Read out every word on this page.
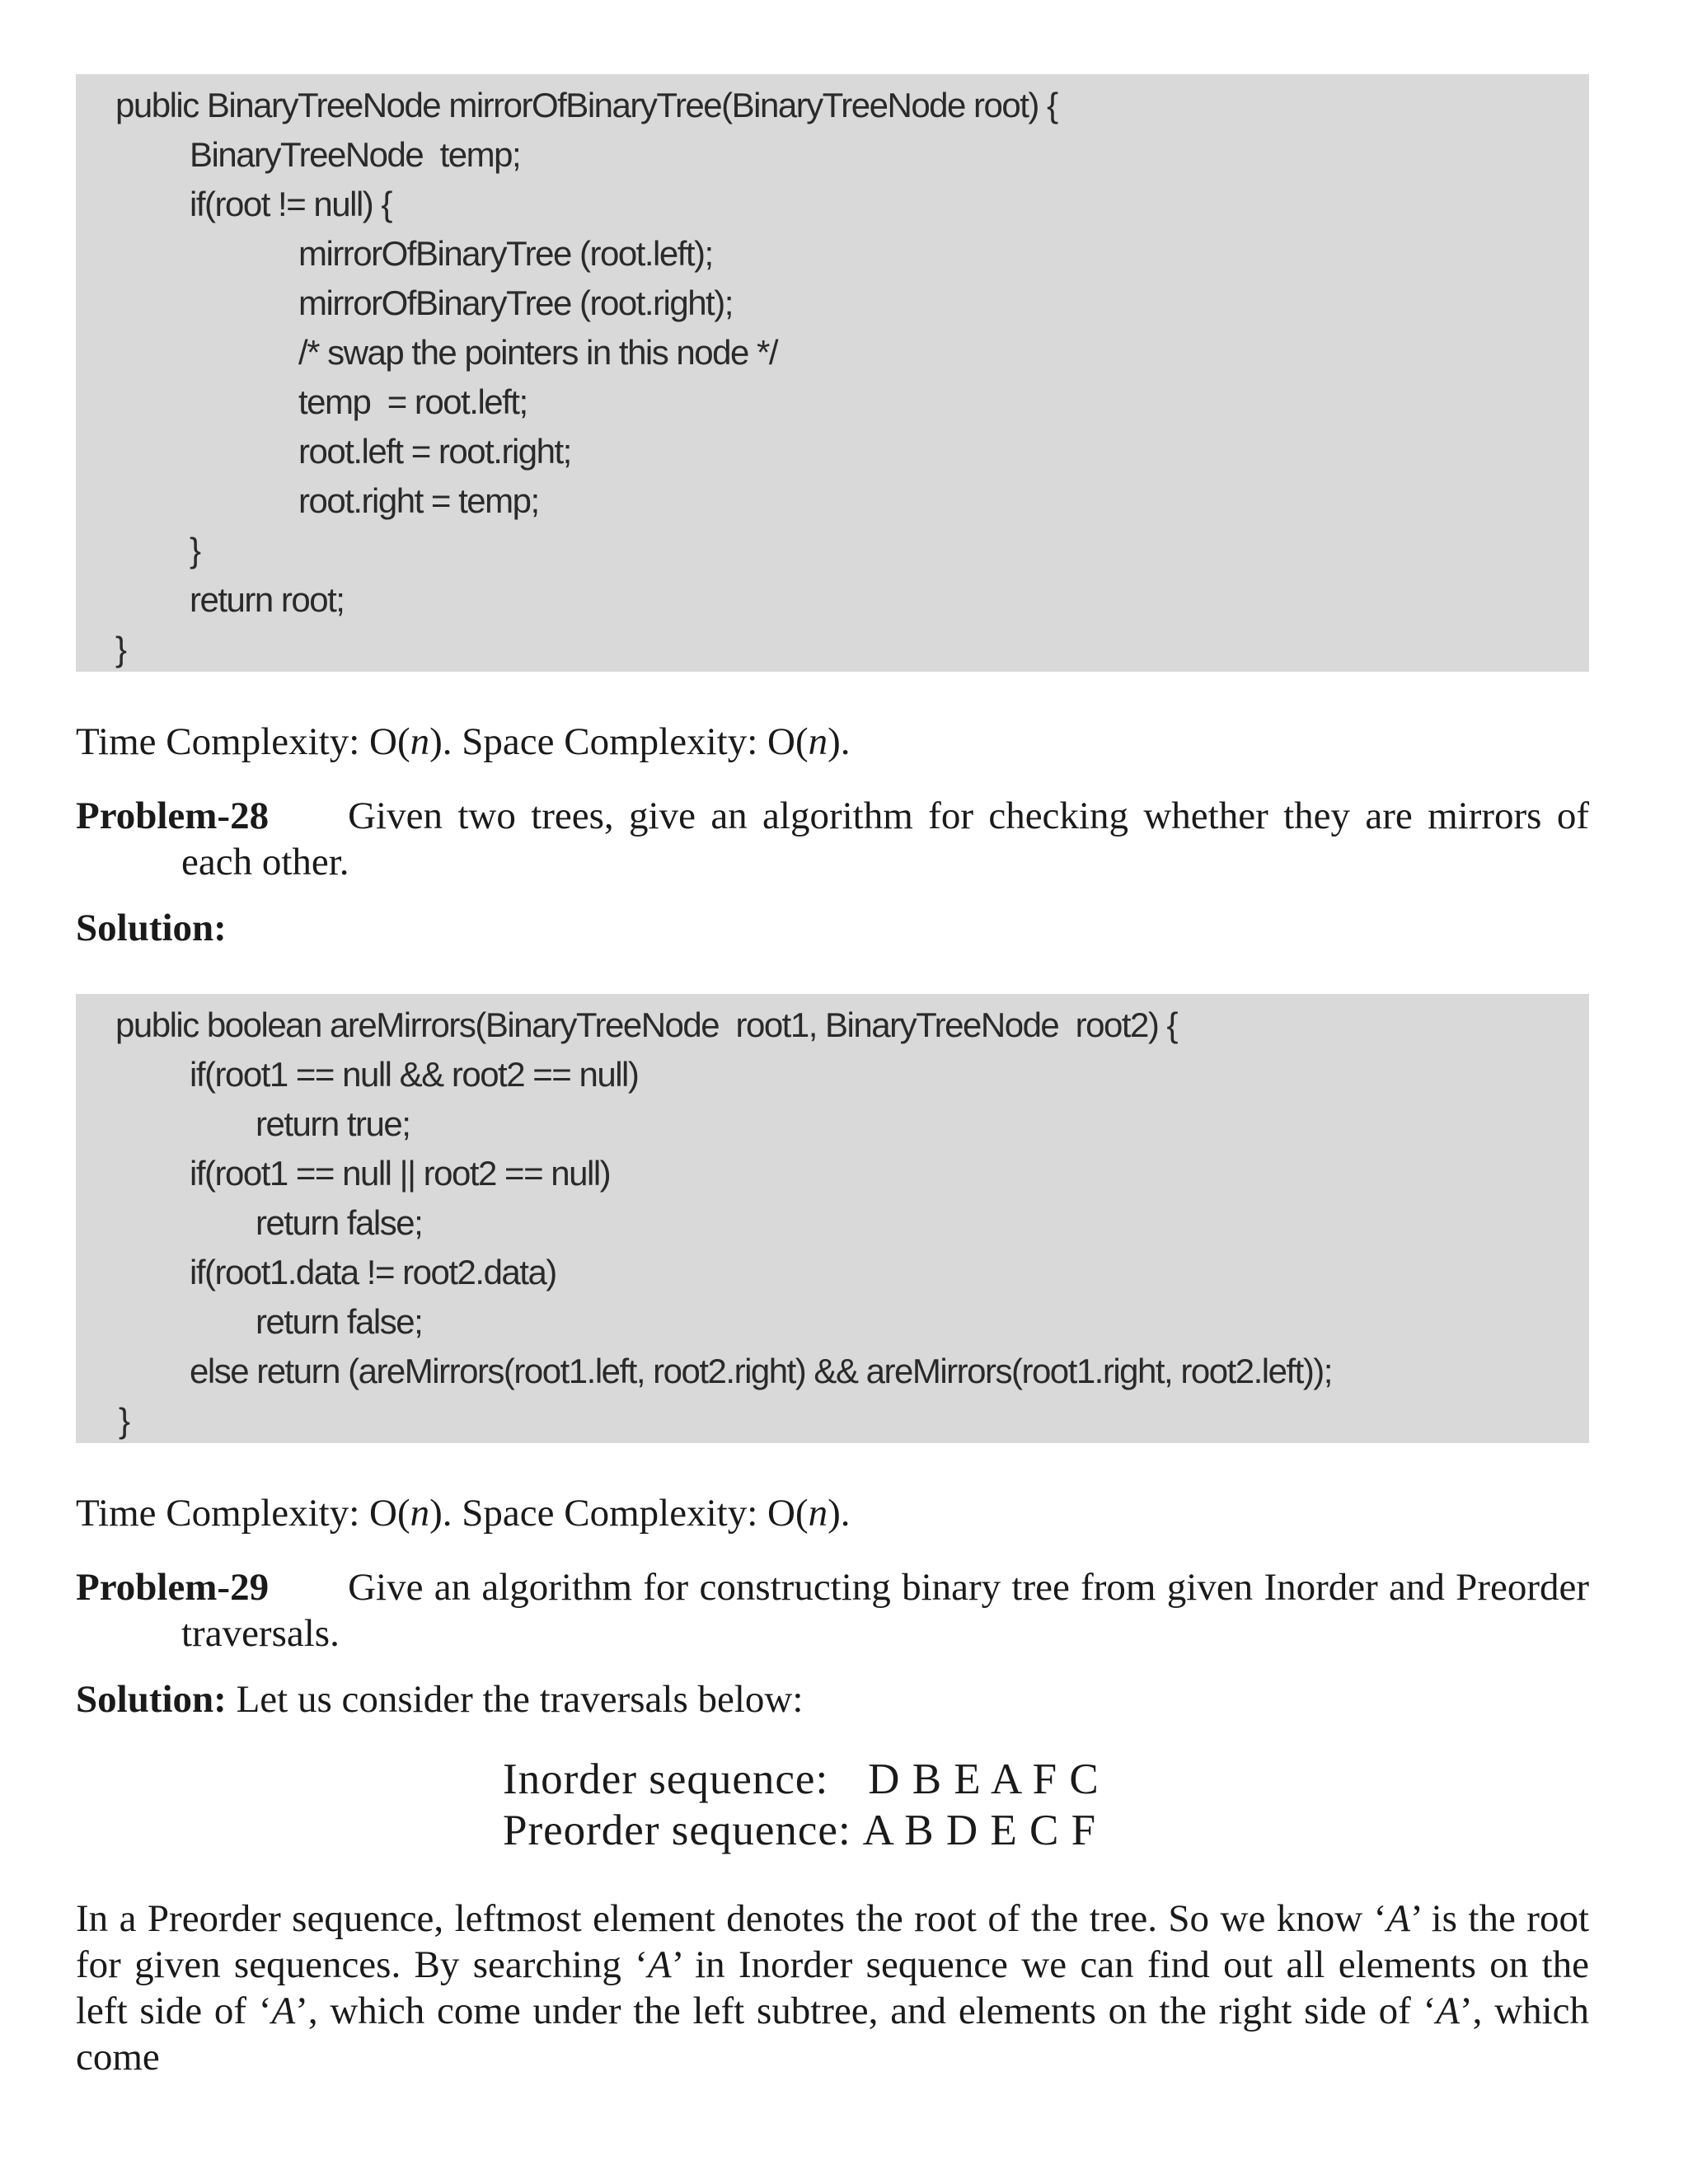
public BinaryTreeNode mirrorOfBinaryTree(BinaryTreeNode root) {
BinaryTreeNode  temp;
if(root != null) {
mirrorOfBinaryTree (root.left);
mirrorOfBinaryTree (root.right);
/* swap the pointers in this node */
temp  = root.left;
root.left = root.right;
root.right = temp;
}
return root;
}

Time Complexity: O(n). Space Complexity: O(n).

Problem-28 Given two trees, give an algorithm for checking whether they are mirrors of each other.

Solution:

public boolean areMirrors(BinaryTreeNode  root1, BinaryTreeNode  root2) {
if(root1 == null && root2 == null)
return true;
if(root1 == null || root2 == null)
return false;
if(root1.data != root2.data)
return false;
else return (areMirrors(root1.left, root2.right) && areMirrors(root1.right, root2.left));
}

Time Complexity: O(n). Space Complexity: O(n).

Problem-29 Give an algorithm for constructing binary tree from given Inorder and Preorder traversals.

Solution: Let us consider the traversals below:

Inorder sequence: D B E A F C
Preorder sequence: A B D E C F

In a Preorder sequence, leftmost element denotes the root of the tree. So we know ‘A’ is the root for given sequences. By searching ‘A’ in Inorder sequence we can find out all elements on the left side of ‘A’, which come under the left subtree, and elements on the right side of ‘A’, which come
